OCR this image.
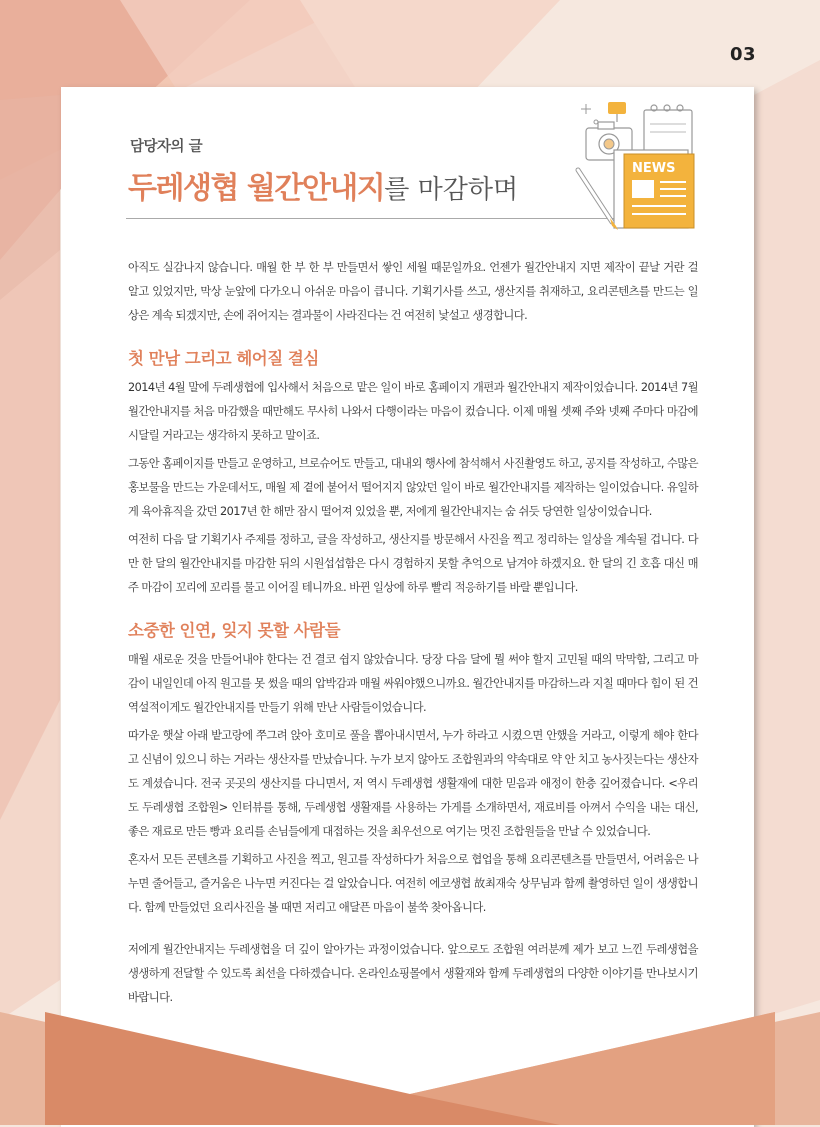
03
담당자의 글
두레생협 월간안내지를 마감하며
NEWS

아직도 실감나지 않습니다. 매월 한 부 한 부 만들면서 쌓인 세월 때문일까요. 언젠가 월간안내지 지면 제작이 끝날 거란 걸 알고 있었지만, 막상 눈앞에 다가오니 아쉬운 마음이 큽니다. 기획기사를 쓰고, 생산지를 취재하고, 요리콘텐츠를 만드는 일상은 계속 되겠지만, 손에 쥐어지는 결과물이 사라진다는 건 여전히 낯설고 생경합니다.

첫 만남 그리고 헤어질 결심

2014년 4월 말에 두레생협에 입사해서 처음으로 맡은 일이 바로 홈페이지 개편과 월간안내지 제작이었습니다. 2014년 7월 월간안내지를 처음 마감했을 때만해도 무사히 나와서 다행이라는 마음이 컸습니다. 이제 매월 셋째 주와 넷째 주마다 마감에 시달릴 거라고는 생각하지 못하고 말이죠.

그동안 홈페이지를 만들고 운영하고, 브로슈어도 만들고, 대내외 행사에 참석해서 사진촬영도 하고, 공지를 작성하고, 수많은 홍보물을 만드는 가운데서도, 매월 제 곁에 붙어서 떨어지지 않았던 일이 바로 월간안내지를 제작하는 일이었습니다. 유일하게 육아휴직을 갔던 2017년 한 해만 잠시 떨어져 있었을 뿐, 저에게 월간안내지는 숨 쉬듯 당연한 일상이었습니다.

여전히 다음 달 기획기사 주제를 정하고, 글을 작성하고, 생산지를 방문해서 사진을 찍고 정리하는 일상을 계속될 겁니다. 다만 한 달의 월간안내지를 마감한 뒤의 시원섭섭함은 다시 경험하지 못할 추억으로 남겨야 하겠지요. 한 달의 긴 호흡 대신 매주 마감이 꼬리에 꼬리를 물고 이어질 테니까요. 바뀐 일상에 하루 빨리 적응하기를 바랄 뿐입니다.

소중한 인연, 잊지 못할 사람들

매월 새로운 것을 만들어내야 한다는 건 결코 쉽지 않았습니다. 당장 다음 달에 뭘 써야 할지 고민될 때의 막막함, 그리고 마감이 내일인데 아직 원고를 못 썼을 때의 압박감과 매월 싸워야했으니까요. 월간안내지를 마감하느라 지칠 때마다 힘이 된 건 역설적이게도 월간안내지를 만들기 위해 만난 사람들이었습니다.

따가운 햇살 아래 밭고랑에 쭈그려 앉아 호미로 풀을 뽑아내시면서, 누가 하라고 시켰으면 안했을 거라고, 이렇게 해야 한다고 신념이 있으니 하는 거라는 생산자를 만났습니다. 누가 보지 않아도 조합원과의 약속대로 약 안 치고 농사짓는다는 생산자도 계셨습니다. 전국 곳곳의 생산지를 다니면서, 저 역시 두레생협 생활재에 대한 믿음과 애정이 한층 깊어졌습니다. <우리도 두레생협 조합원> 인터뷰를 통해, 두레생협 생활재를 사용하는 가게를 소개하면서, 재료비를 아껴서 수익을 내는 대신, 좋은 재료로 만든 빵과 요리를 손님들에게 대접하는 것을 최우선으로 여기는 멋진 조합원들을 만날 수 있었습니다.

혼자서 모든 콘텐츠를 기획하고 사진을 찍고, 원고를 작성하다가 처음으로 협업을 통해 요리콘텐츠를 만들면서, 어려움은 나누면 줄어들고, 즐거움은 나누면 커진다는 걸 알았습니다. 여전히 에코생협 故최재숙 상무님과 함께 촬영하던 일이 생생합니다. 함께 만들었던 요리사진을 볼 때면 저리고 애달픈 마음이 불쑥 찾아옵니다.

저에게 월간안내지는 두레생협을 더 깊이 알아가는 과정이었습니다. 앞으로도 조합원 여러분께 제가 보고 느낀 두레생협을 생생하게 전달할 수 있도록 최선을 다하겠습니다. 온라인쇼핑몰에서 생활재와 함께 두레생협의 다양한 이야기를 만나보시기 바랍니다.
